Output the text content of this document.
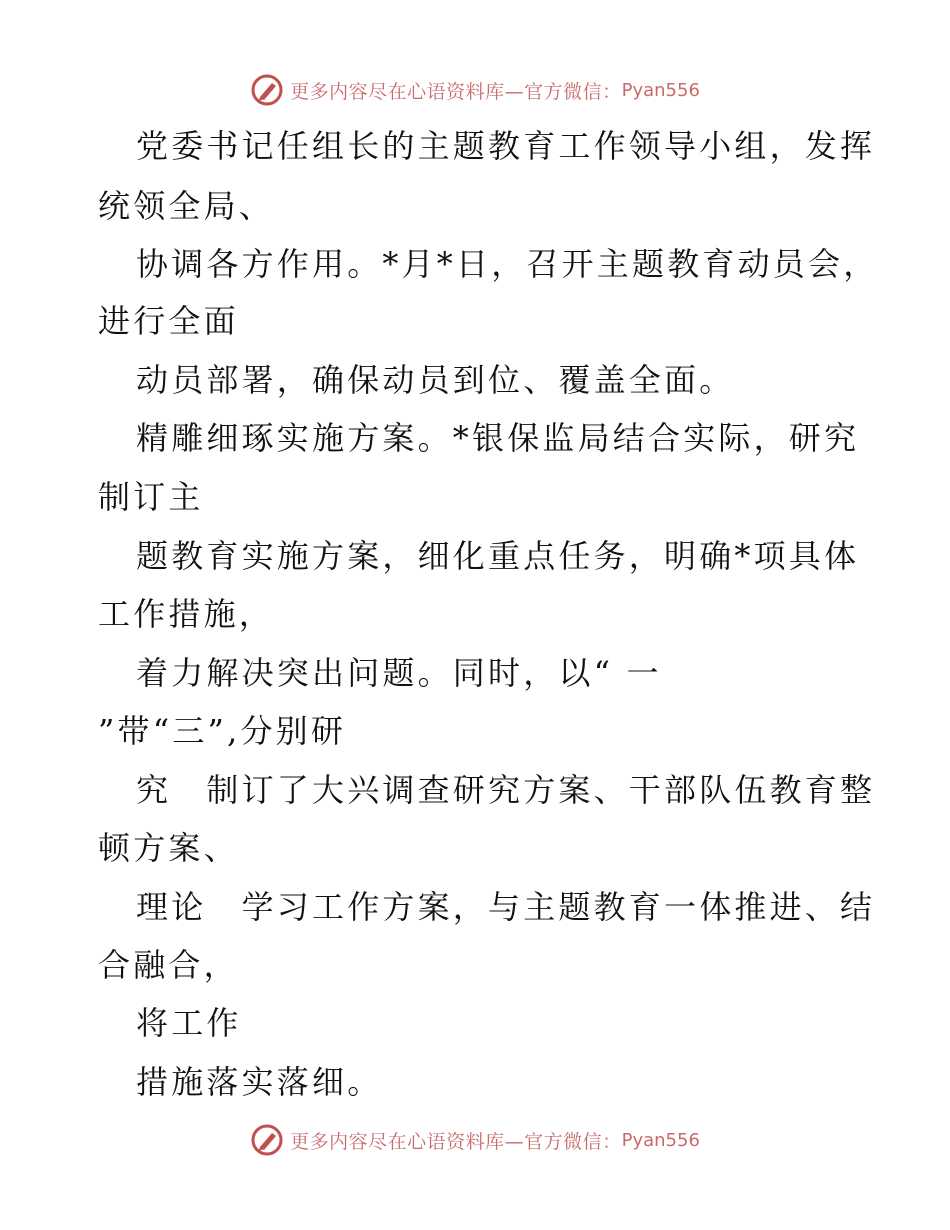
更多内容尽在心语资料库—官方微信： Pyan556
党委书记任组长的主题教育工作领导小组，发挥
统领全局、
协调各方作用。*月*日，召开主题教育动员会，
进行全面
动员部署，确保动员到位、覆盖全面。
精雕细琢实施方案。*银保监局结合实际，研究
制订主
题教育实施方案，细化重点任务，明确*项具体
工作措施，
着力解决突出问题。同时，以“ 一
”带“三”,分别研
究　制订了大兴调查研究方案、干部队伍教育整
顿方案、
理论　学习工作方案，与主题教育一体推进、结
合融合，
将工作
措施落实落细。
更多内容尽在心语资料库—官方微信： Pyan556
